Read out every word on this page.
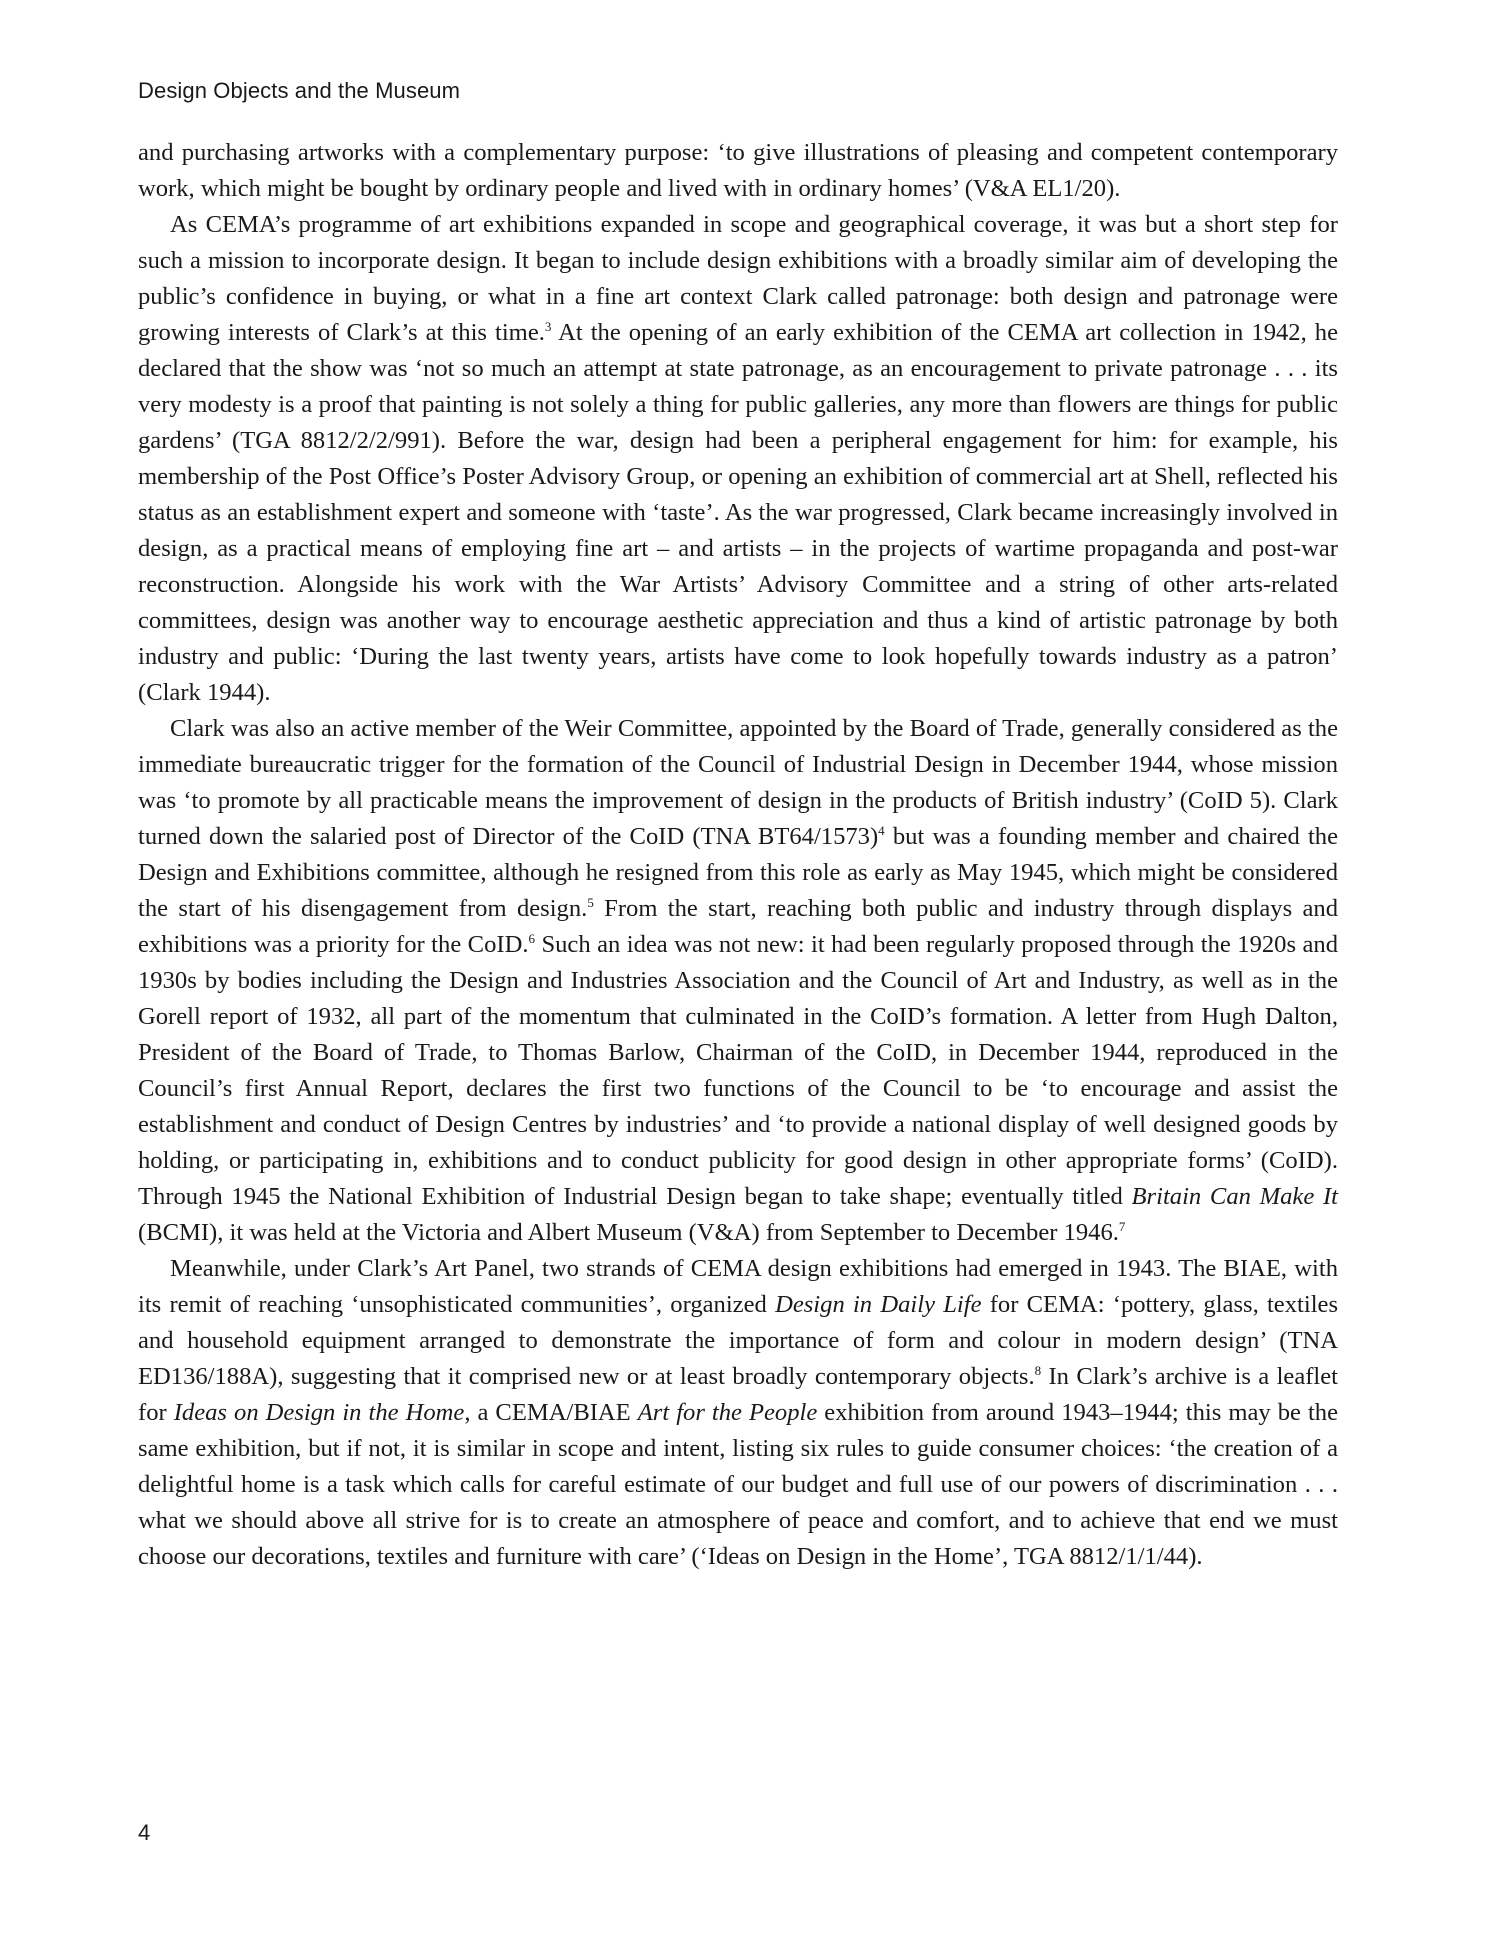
Design Objects and the Museum

and purchasing artworks with a complementary purpose: ‘to give illustrations of pleasing and competent contemporary work, which might be bought by ordinary people and lived with in ordinary homes’ (V&A EL1/20).

As CEMA’s programme of art exhibitions expanded in scope and geographical coverage, it was but a short step for such a mission to incorporate design. It began to include design exhibitions with a broadly similar aim of developing the public’s confidence in buying, or what in a fine art context Clark called patronage: both design and patronage were growing interests of Clark’s at this time.$^3$ At the opening of an early exhibition of the CEMA art collection in 1942, he declared that the show was ‘not so much an attempt at state patronage, as an encouragement to private patronage . . . its very modesty is a proof that painting is not solely a thing for public galleries, any more than flowers are things for public gardens’ (TGA 8812/2/2/991). Before the war, design had been a peripheral engagement for him: for example, his membership of the Post Office’s Poster Advisory Group, or opening an exhibition of commercial art at Shell, reflected his status as an establishment expert and someone with ‘taste’. As the war progressed, Clark became increasingly involved in design, as a practical means of employing fine art – and artists – in the projects of wartime propaganda and post-war reconstruction. Alongside his work with the War Artists’ Advisory Committee and a string of other arts-related committees, design was another way to encourage aesthetic appreciation and thus a kind of artistic patronage by both industry and public: ‘During the last twenty years, artists have come to look hopefully towards industry as a patron’ (Clark 1944).

Clark was also an active member of the Weir Committee, appointed by the Board of Trade, generally considered as the immediate bureaucratic trigger for the formation of the Council of Industrial Design in December 1944, whose mission was ‘to promote by all practicable means the improvement of design in the products of British industry’ (CoID 5). Clark turned down the salaried post of Director of the CoID (TNA BT64/1573)$^4$ but was a founding member and chaired the Design and Exhibitions committee, although he resigned from this role as early as May 1945, which might be considered the start of his disengagement from design.$^5$ From the start, reaching both public and industry through displays and exhibitions was a priority for the CoID.$^6$ Such an idea was not new: it had been regularly proposed through the 1920s and 1930s by bodies including the Design and Industries Association and the Council of Art and Industry, as well as in the Gorell report of 1932, all part of the momentum that culminated in the CoID’s formation. A letter from Hugh Dalton, President of the Board of Trade, to Thomas Barlow, Chairman of the CoID, in December 1944, reproduced in the Council’s first Annual Report, declares the first two functions of the Council to be ‘to encourage and assist the establishment and conduct of Design Centres by industries’ and ‘to provide a national display of well designed goods by holding, or participating in, exhibitions and to conduct publicity for good design in other appropriate forms’ (CoID). Through 1945 the National Exhibition of Industrial Design began to take shape; eventually titled Britain Can Make It (BCMI), it was held at the Victoria and Albert Museum (V&A) from September to December 1946.$^7$

Meanwhile, under Clark’s Art Panel, two strands of CEMA design exhibitions had emerged in 1943. The BIAE, with its remit of reaching ‘unsophisticated communities’, organized Design in Daily Life for CEMA: ‘pottery, glass, textiles and household equipment arranged to demonstrate the importance of form and colour in modern design’ (TNA ED136/188A), suggesting that it comprised new or at least broadly contemporary objects.$^8$ In Clark’s archive is a leaflet for Ideas on Design in the Home, a CEMA/BIAE Art for the People exhibition from around 1943–1944; this may be the same exhibition, but if not, it is similar in scope and intent, listing six rules to guide consumer choices: ‘the creation of a delightful home is a task which calls for careful estimate of our budget and full use of our powers of discrimination . . . what we should above all strive for is to create an atmosphere of peace and comfort, and to achieve that end we must choose our decorations, textiles and furniture with care’ (‘Ideas on Design in the Home’, TGA 8812/1/1/44).

4
